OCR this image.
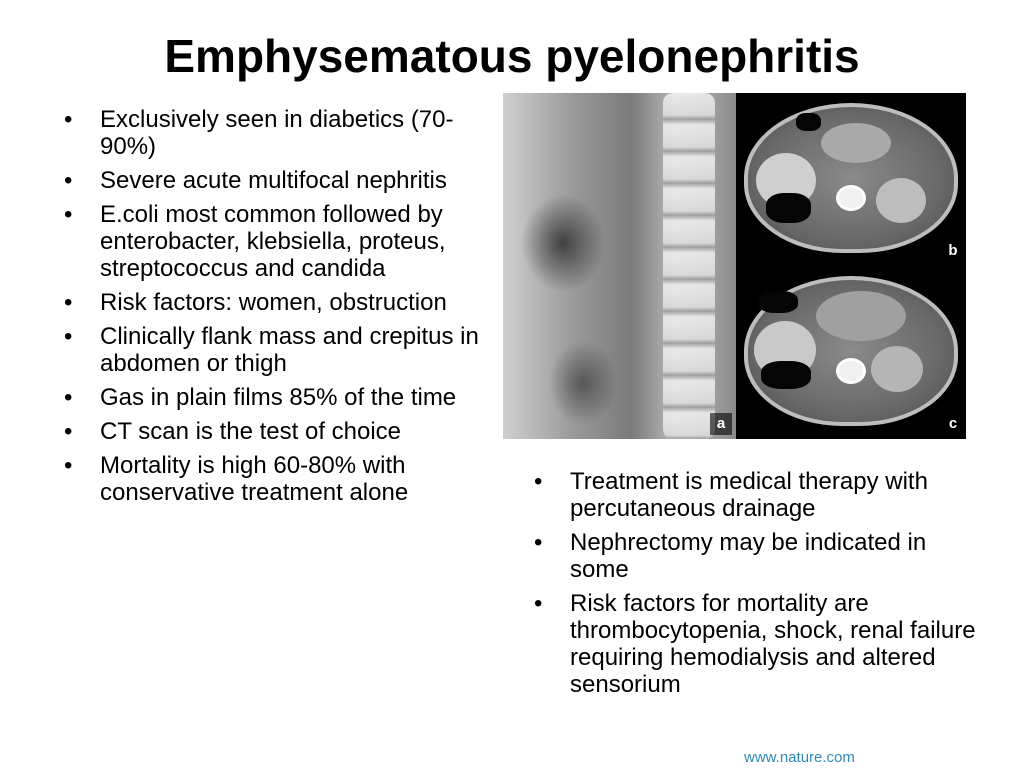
Emphysematous pyelonephritis
•	Exclusively seen in diabetics (70-90%)
•	Severe acute multifocal nephritis
•	E.coli most common followed by enterobacter, klebsiella, proteus, streptococcus and candida
•	Risk factors: women, obstruction
•	Clinically flank mass and crepitus in abdomen or thigh
•	Gas in plain films 85% of the time
•	CT scan is the test of choice
•	Mortality is high 60-80% with conservative treatment alone
a
b
c
•	Treatment is medical therapy with percutaneous drainage
•	Nephrectomy may be indicated in some
•	Risk factors for mortality are thrombocytopenia, shock, renal failure requiring hemodialysis and altered sensorium
www.nature.com
